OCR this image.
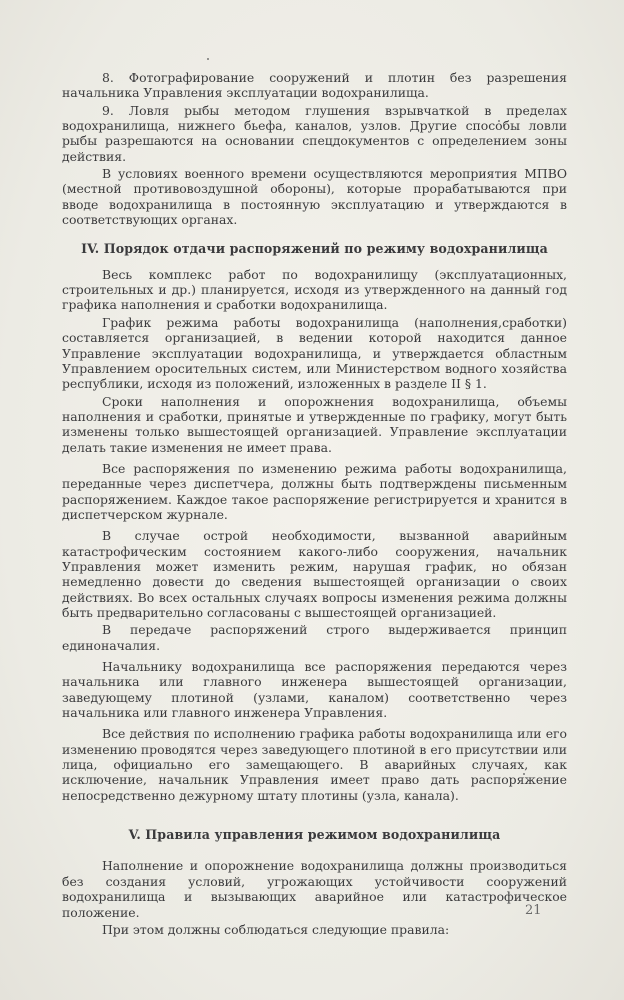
8. Фотографирование сооружений и плотин без разрешения начальника Управления эксплуатации водохранилища.

9. Ловля рыбы методом глушения взрывчаткой в пределах водохранилища, нижнего бьефа, каналов, узлов. Другие способы ловли рыбы разрешаются на основании спецдокументов с определением зоны действия.

В условиях военного времени осуществляются мероприятия МПВО (местной противовоздушной обороны), которые прорабатываются при вводе водохранилища в постоянную эксплуатацию и утверждаются в соответствующих органах.

IV. Порядок отдачи распоряжений по режиму водохранилища

Весь комплекс работ по водохранилищу (эксплуатационных, строительных и др.) планируется, исходя из утвержденного на данный год графика наполнения и сработки водохранилища.

График режима работы водохранилища (наполнения,сработки) составляется организацией, в ведении которой находится данное Управление эксплуатации водохранилища, и утверждается областным Управлением оросительных систем, или Министерством водного хозяйства республики, исходя из положений, изложенных в разделе II § 1.

Сроки наполнения и опорожнения водохранилища, объемы наполнения и сработки, принятые и утвержденные по графику, могут быть изменены только вышестоящей организацией. Управление эксплуатации делать такие изменения не имеет права.

Все распоряжения по изменению режима работы водохранилища, переданные через диспетчера, должны быть подтверждены письменным распоряжением. Каждое такое распоряжение регистрируется и хранится в диспетчерском журнале.

В случае острой необходимости, вызванной аварийным катастрофическим состоянием какого-либо сооружения, начальник Управления может изменить режим, нарушая график, но обязан немедленно довести до сведения вышестоящей организации о своих действиях. Во всех остальных случаях вопросы изменения режима должны быть предварительно согласованы с вышестоящей организацией.

В передаче распоряжений строго выдерживается принцип единоначалия.

Начальнику водохранилища все распоряжения передаются через начальника или главного инженера вышестоящей организации, заведующему плотиной (узлами, каналом) соответственно через начальника или главного инженера Управления.

Все действия по исполнению графика работы водохранилища или его изменению проводятся через заведующего плотиной в его присутствии или лица, официально его замещающего. В аварийных случаях, как исключение, начальник Управления имеет право дать распоряжение непосредственно дежурному штату плотины (узла, канала).

V. Правила управления режимом водохранилища

Наполнение и опорожнение водохранилища должны производиться без создания условий, угрожающих устойчивости сооружений водохранилища и вызывающих аварийное или катастрофическое положение.

При этом должны соблюдаться следующие правила:

21
